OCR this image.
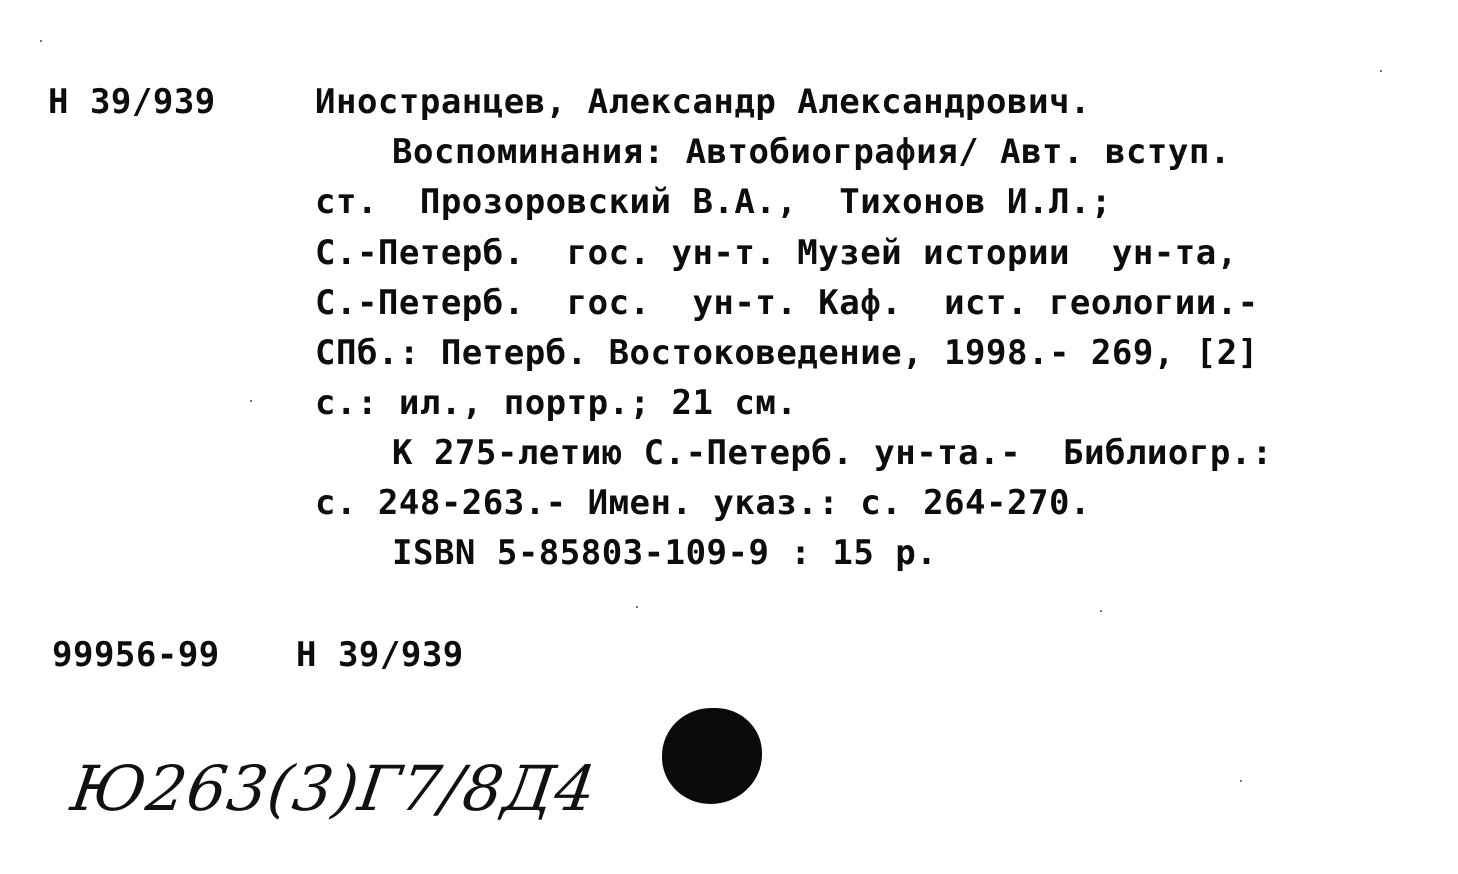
Н 39/939	Иностранцев, Александр Александрович.
Воспоминания: Автобиография/ Авт. вступ.
ст.  Прозоровский В.А.,  Тихонов И.Л.;
С.-Петерб.  гос. ун-т. Музей истории  ун-та,
С.-Петерб.  гос.  ун-т. Каф.  ист. геологии.-
СПб.: Петерб. Востоковедение, 1998.- 269, [2]
с.: ил., портр.; 21 см.
К 275-летию С.-Петерб. ун-та.-  Библиогр.:
с. 248-263.- Имен. указ.: с. 264-270.
ISBN 5-85803-109-9 : 15 р.
99956-99 Н 39/939
Ю263(3)Г7/8Д4
